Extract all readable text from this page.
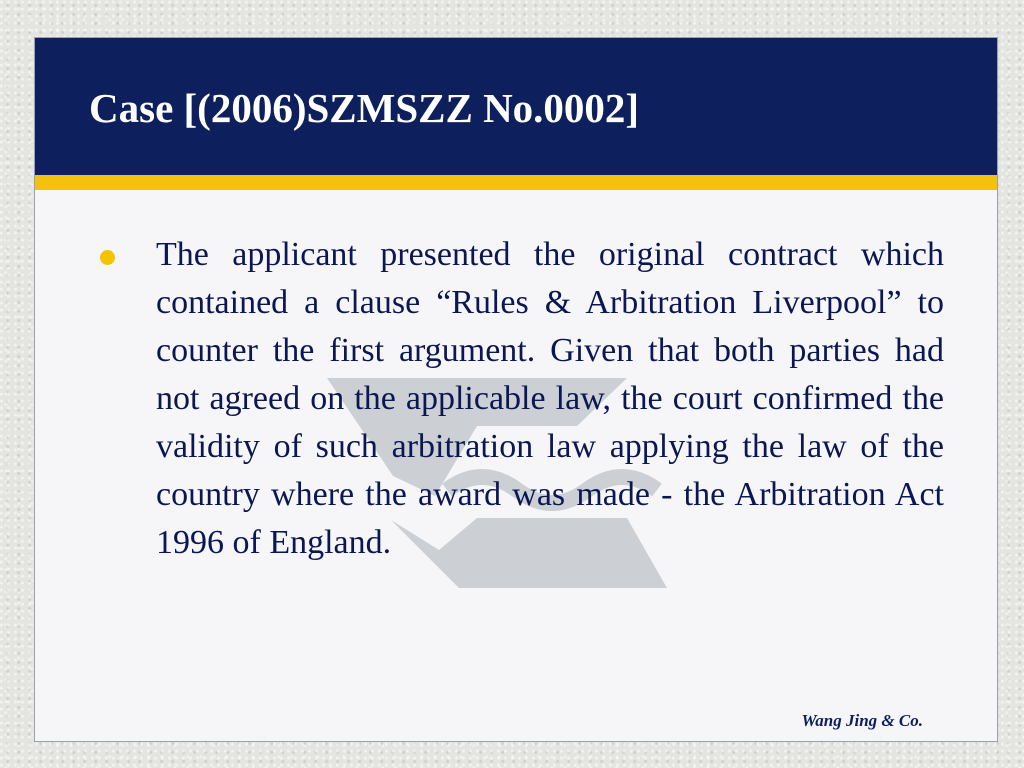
Case [(2006)SZMSZZ No.0002]

The applicant presented the original contract which contained a clause “Rules & Arbitration Liverpool” to counter the first argument. Given that both parties had not agreed on the applicable law, the court confirmed the validity of such arbitration law applying the law of the country where the award was made - the Arbitration Act 1996 of England.

Wang Jing & Co.
